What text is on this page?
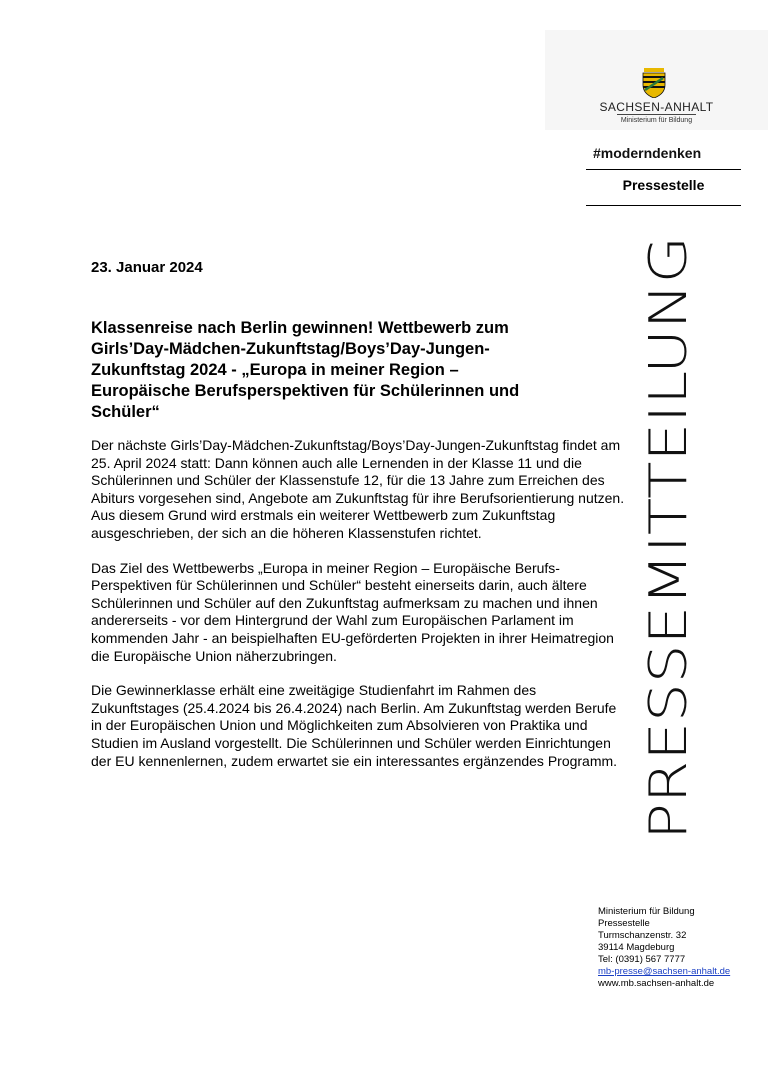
SACHSEN-ANHALT
Ministerium für Bildung
#moderndenken
Pressestelle
PRESSEMITTEILUNG
23. Januar 2024
Klassenreise nach Berlin gewinnen! Wettbewerb zum Girls’Day-Mädchen-Zukunftstag/Boys’Day-Jungen-Zukunftstag 2024 - „Europa in meiner Region – Europäische Berufsperspektiven für Schülerinnen und Schüler“

Der nächste Girls’Day-Mädchen-Zukunftstag/Boys’Day-Jungen-Zukunftstag findet am 25. April 2024 statt: Dann können auch alle Lernenden in der Klasse 11 und die Schülerinnen und Schüler der Klassenstufe 12, für die 13 Jahre zum Erreichen des Abiturs vorgesehen sind, Angebote am Zukunftstag für ihre Berufsorientierung nutzen. Aus diesem Grund wird erstmals ein weiterer Wettbewerb zum Zukunftstag ausgeschrieben, der sich an die höheren Klassenstufen richtet.

Das Ziel des Wettbewerbs „Europa in meiner Region – Europäische Berufs-Perspektiven für Schülerinnen und Schüler“ besteht einerseits darin, auch ältere Schülerinnen und Schüler auf den Zukunftstag aufmerksam zu machen und ihnen andererseits - vor dem Hintergrund der Wahl zum Europäischen Parlament im kommenden Jahr - an beispielhaften EU-geförderten Projekten in ihrer Heimatregion die Europäische Union näherzubringen.

Die Gewinnerklasse erhält eine zweitägige Studienfahrt im Rahmen des Zukunftstages (25.4.2024 bis 26.4.2024) nach Berlin. Am Zukunftstag werden Berufe in der Europäischen Union und Möglichkeiten zum Absolvieren von Praktika und Studien im Ausland vorgestellt. Die Schülerinnen und Schüler werden Einrichtungen der EU kennenlernen, zudem erwartet sie ein interessantes ergänzendes Programm.

Ministerium für Bildung
Pressestelle
Turmschanzenstr. 32
39114 Magdeburg
Tel: (0391) 567 7777
mb-presse@sachsen-anhalt.de
www.mb.sachsen-anhalt.de
